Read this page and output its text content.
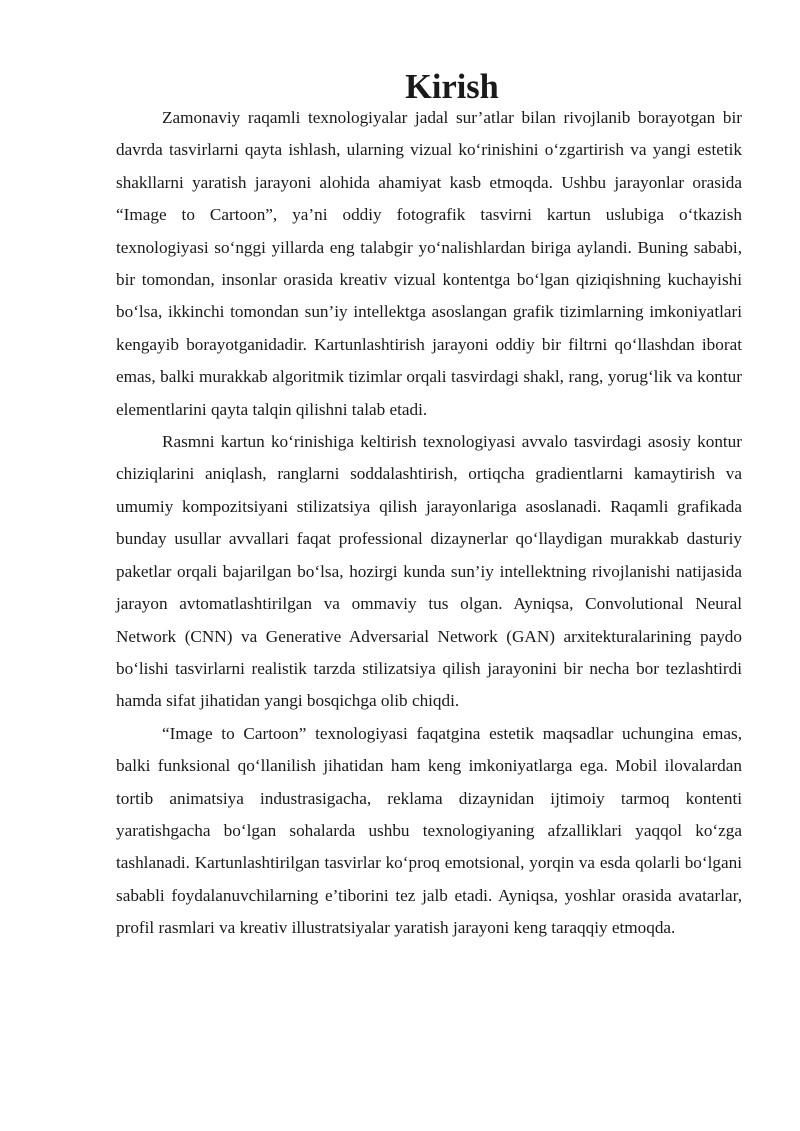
Kirish

Zamonaviy raqamli texnologiyalar jadal sur’atlar bilan rivojlanib borayotgan bir davrda tasvirlarni qayta ishlash, ularning vizual ko‘rinishini o‘zgartirish va yangi estetik shakllarni yaratish jarayoni alohida ahamiyat kasb etmoqda. Ushbu jarayonlar orasida “Image to Cartoon”, ya’ni oddiy fotografik tasvirni kartun uslubiga o‘tkazish texnologiyasi so‘nggi yillarda eng talabgir yo‘nalishlardan biriga aylandi. Buning sababi, bir tomondan, insonlar orasida kreativ vizual kontentga bo‘lgan qiziqishning kuchayishi bo‘lsa, ikkinchi tomondan sun’iy intellektga asoslangan grafik tizimlarning imkoniyatlari kengayib borayotganidadir. Kartunlashtirish jarayoni oddiy bir filtrni qo‘llashdan iborat emas, balki murakkab algoritmik tizimlar orqali tasvirdagi shakl, rang, yorug‘lik va kontur elementlarini qayta talqin qilishni talab etadi.

Rasmni kartun ko‘rinishiga keltirish texnologiyasi avvalo tasvirdagi asosiy kontur chiziqlarini aniqlash, ranglarni soddalashtirish, ortiqcha gradientlarni kamaytirish va umumiy kompozitsiyani stilizatsiya qilish jarayonlariga asoslanadi. Raqamli grafikada bunday usullar avvallari faqat professional dizaynerlar qo‘llaydigan murakkab dasturiy paketlar orqali bajarilgan bo‘lsa, hozirgi kunda sun’iy intellektning rivojlanishi natijasida jarayon avtomatlashtirilgan va ommaviy tus olgan. Ayniqsa, Convolutional Neural Network (CNN) va Generative Adversarial Network (GAN) arxitekturalarining paydo bo‘lishi tasvirlarni realistik tarzda stilizatsiya qilish jarayonini bir necha bor tezlashtirdi hamda sifat jihatidan yangi bosqichga olib chiqdi.

“Image to Cartoon” texnologiyasi faqatgina estetik maqsadlar uchungina emas, balki funksional qo‘llanilish jihatidan ham keng imkoniyatlarga ega. Mobil ilovalardan tortib animatsiya industrasigacha, reklama dizaynidan ijtimoiy tarmoq kontenti yaratishgacha bo‘lgan sohalarda ushbu texnologiyaning afzalliklari yaqqol ko‘zga tashlanadi. Kartunlashtirilgan tasvirlar ko‘proq emotsional, yorqin va esda qolarli bo‘lgani sababli foydalanuvchilarning e’tiborini tez jalb etadi. Ayniqsa, yoshlar orasida avatarlar, profil rasmlari va kreativ illustratsiyalar yaratish jarayoni keng taraqqiy etmoqda.
